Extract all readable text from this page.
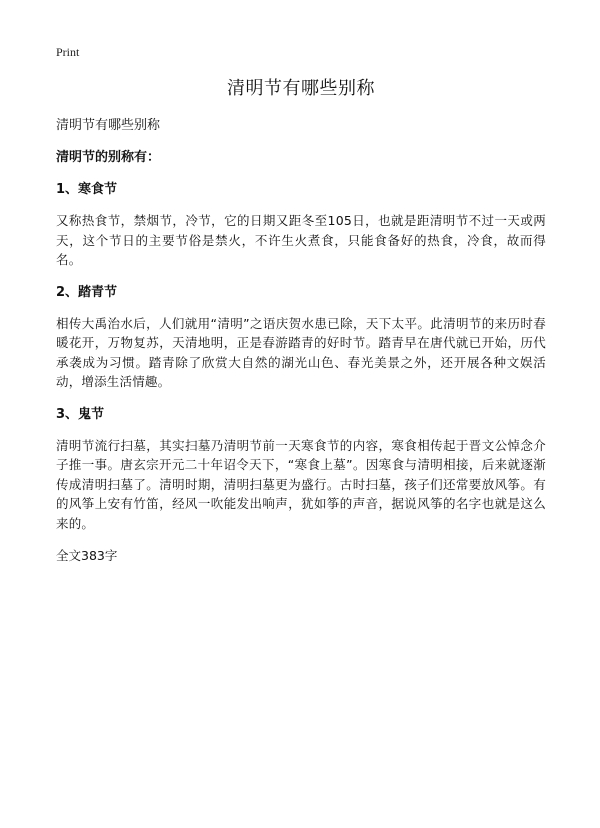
Print
清明节有哪些别称
清明节有哪些别称
清明节的别称有：
1、寒食节

又称热食节，禁烟节，冷节，它的日期又距冬至105日，也就是距清明节不过一天或两天，这个节日的主要节俗是禁火，不许生火煮食，只能食备好的热食，冷食，故而得名。

2、踏青节

相传大禹治水后，人们就用“清明”之语庆贺水患已除，天下太平。此清明节的来历时春暖花开，万物复苏，天清地明，正是春游踏青的好时节。踏青早在唐代就已开始，历代承袭成为习惯。踏青除了欣赏大自然的湖光山色、春光美景之外，还开展各种文娱活动，增添生活情趣。

3、鬼节

清明节流行扫墓，其实扫墓乃清明节前一天寒食节的内容，寒食相传起于晋文公悼念介子推一事。唐玄宗开元二十年诏令天下，“寒食上墓”。因寒食与清明相接，后来就逐渐传成清明扫墓了。清明时期，清明扫墓更为盛行。古时扫墓，孩子们还常要放风筝。有的风筝上安有竹笛，经风一吹能发出响声，犹如筝的声音，据说风筝的名字也就是这么来的。

全文383字
